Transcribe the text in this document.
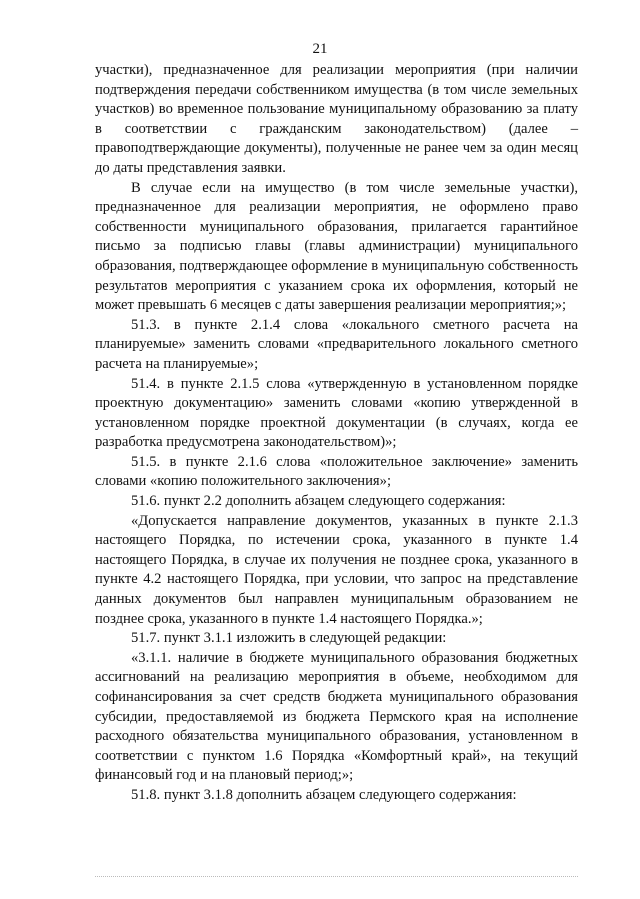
21

участки), предназначенное для реализации мероприятия (при наличии подтверждения передачи собственником имущества (в том числе земельных участков) во временное пользование муниципальному образованию за плату в соответствии с гражданским законодательством) (далее – правоподтверждающие документы), полученные не ранее чем за один месяц до даты представления заявки.

В случае если на имущество (в том числе земельные участки), предназначенное для реализации мероприятия, не оформлено право собственности муниципального образования, прилагается гарантийное письмо за подписью главы (главы администрации) муниципального образования, подтверждающее оформление в муниципальную собственность результатов мероприятия с указанием срока их оформления, который не может превышать 6 месяцев с даты завершения реализации мероприятия;»;

51.3. в пункте 2.1.4 слова «локального сметного расчета на планируемые» заменить словами «предварительного локального сметного расчета на планируемые»;

51.4. в пункте 2.1.5 слова «утвержденную в установленном порядке проектную документацию» заменить словами «копию утвержденной в установленном порядке проектной документации (в случаях, когда ее разработка предусмотрена законодательством)»;

51.5. в пункте 2.1.6 слова «положительное заключение» заменить словами «копию положительного заключения»;

51.6. пункт 2.2 дополнить абзацем следующего содержания:

«Допускается направление документов, указанных в пункте 2.1.3 настоящего Порядка, по истечении срока, указанного в пункте 1.4 настоящего Порядка, в случае их получения не позднее срока, указанного в пункте 4.2 настоящего Порядка, при условии, что запрос на представление данных документов был направлен муниципальным образованием не позднее срока, указанного в пункте 1.4 настоящего Порядка.»;

51.7. пункт 3.1.1 изложить в следующей редакции:

«3.1.1. наличие в бюджете муниципального образования бюджетных ассигнований на реализацию мероприятия в объеме, необходимом для софинансирования за счет средств бюджета муниципального образования субсидии, предоставляемой из бюджета Пермского края на исполнение расходного обязательства муниципального образования, установленном в соответствии с пунктом 1.6 Порядка «Комфортный край», на текущий финансовый год и на плановый период;»;

51.8. пункт 3.1.8 дополнить абзацем следующего содержания:
